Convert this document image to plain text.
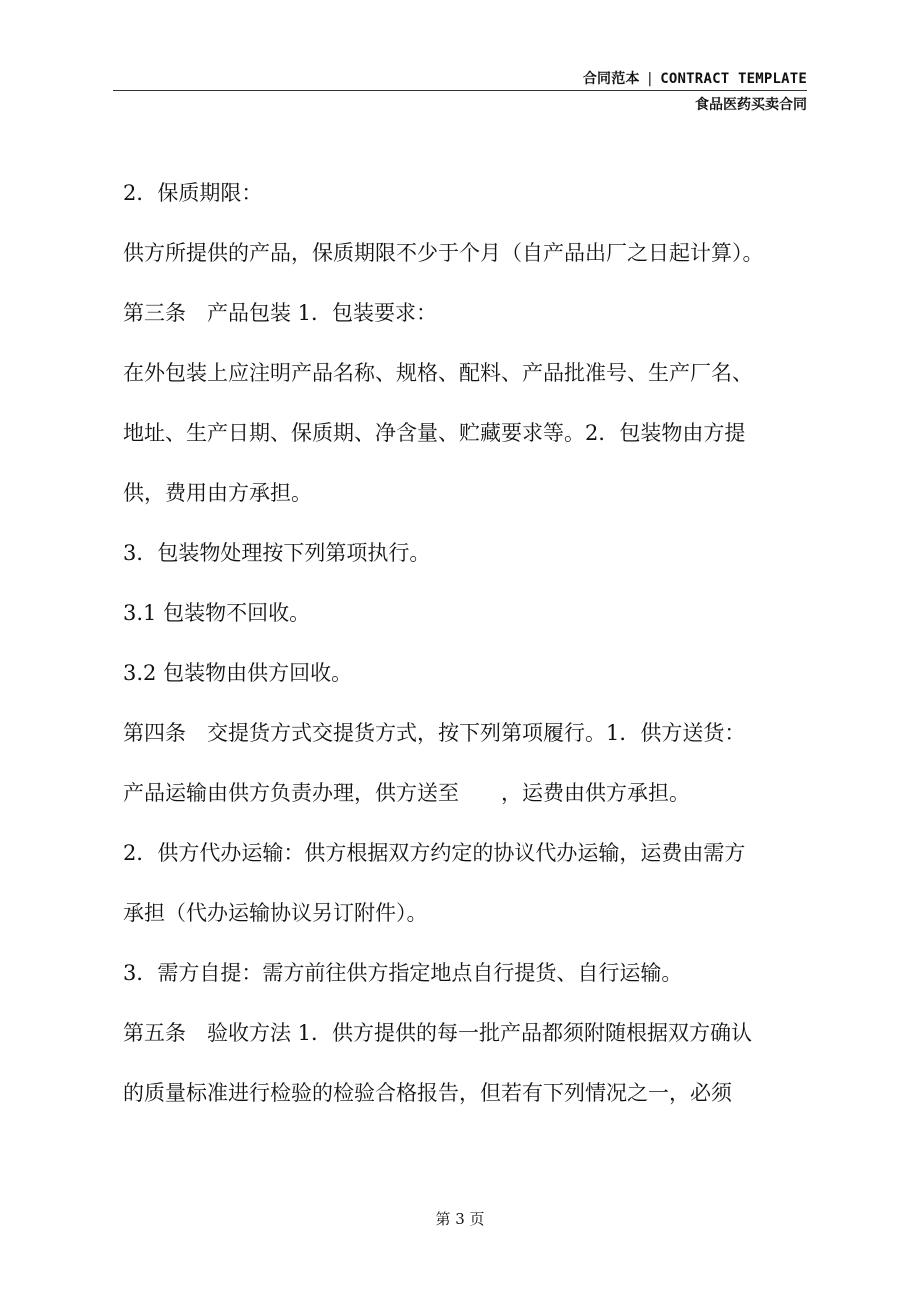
合同范本 | CONTRACT TEMPLATE
食品医药买卖合同
2．保质期限：
供方所提供的产品，保质期限不少于个月（自产品出厂之日起计算）。
第三条　产品包装 1．包装要求：
在外包装上应注明产品名称、规格、配料、产品批准号、生产厂名、
地址、生产日期、保质期、净含量、贮藏要求等。2．包装物由方提
供，费用由方承担。
3．包装物处理按下列第项执行。
3.1 包装物不回收。
3.2 包装物由供方回收。
第四条　交提货方式交提货方式，按下列第项履行。1．供方送货：
产品运输由供方负责办理，供方送至　　，运费由供方承担。
2．供方代办运输：供方根据双方约定的协议代办运输，运费由需方
承担（代办运输协议另订附件）。
3．需方自提：需方前往供方指定地点自行提货、自行运输。
第五条　验收方法 1．供方提供的每一批产品都须附随根据双方确认
的质量标准进行检验的检验合格报告，但若有下列情况之一，必须
第 3 页
